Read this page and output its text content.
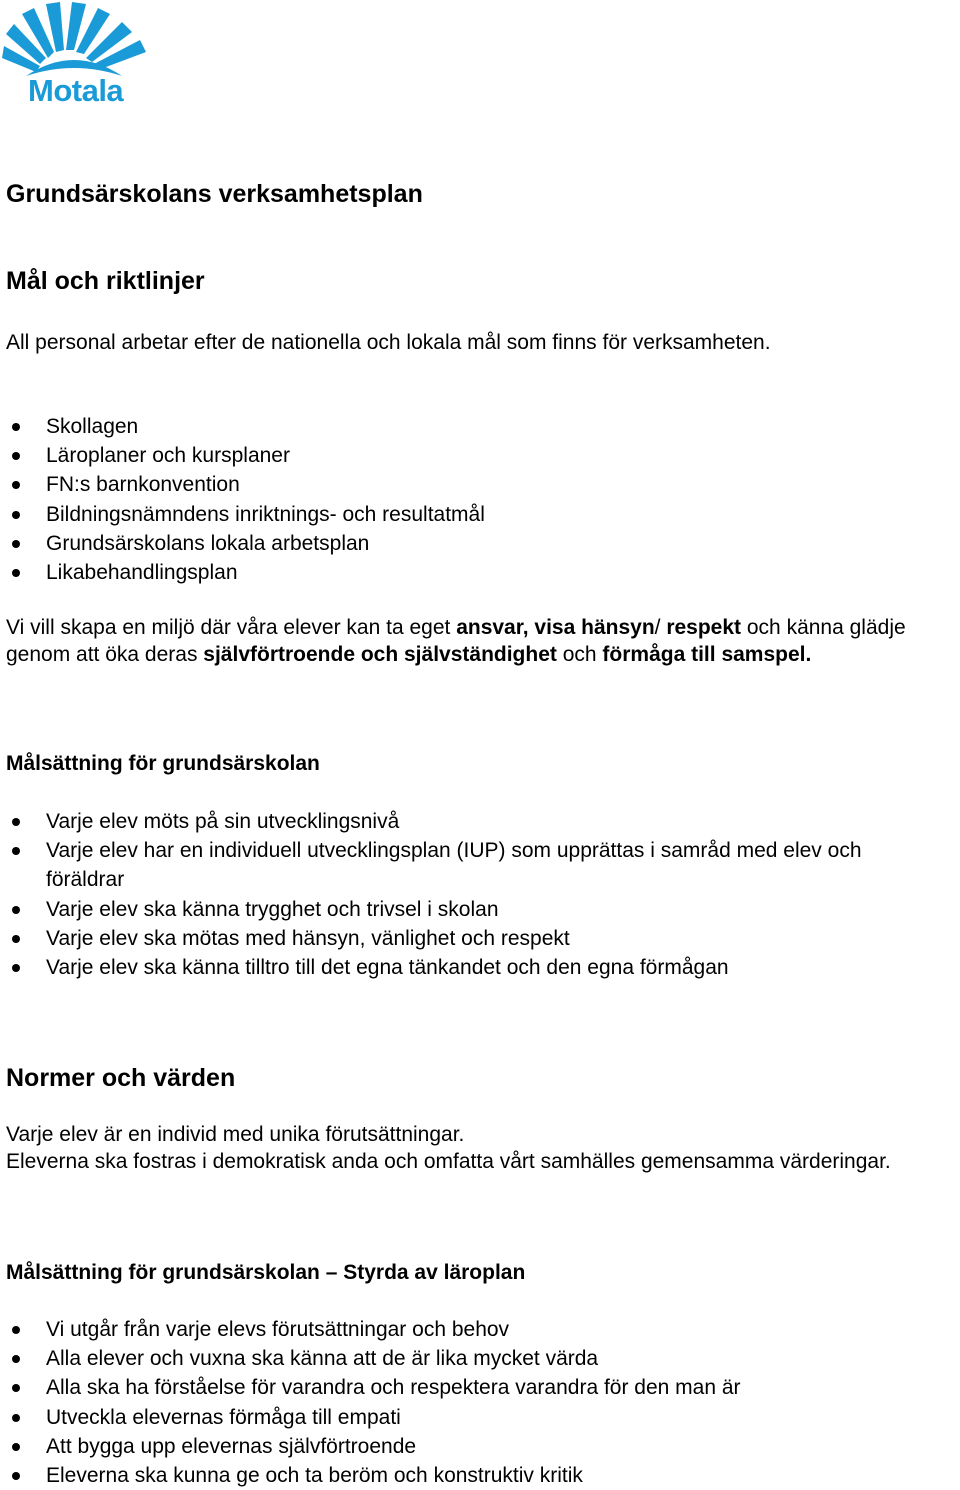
Motala
Grundsärskolans verksamhetsplan
Mål och riktlinjer

All personal arbetar efter de nationella och lokala mål som finns för verksamheten.

Skollagen
Läroplaner och kursplaner
FN:s barnkonvention
Bildningsnämndens inriktnings- och resultatmål
Grundsärskolans lokala arbetsplan
Likabehandlingsplan

Vi vill skapa en miljö där våra elever kan ta eget ansvar, visa hänsyn/ respekt och känna glädje genom att öka deras självförtroende och självständighet och förmåga till samspel.

Målsättning för grundsärskolan
Varje elev möts på sin utvecklingsnivå
Varje elev har en individuell utvecklingsplan (IUP) som upprättas i samråd med elev och föräldrar
Varje elev ska känna trygghet och trivsel i skolan
Varje elev ska mötas med hänsyn, vänlighet och respekt
Varje elev ska känna tilltro till det egna tänkandet och den egna förmågan
Normer och värden

Varje elev är en individ med unika förutsättningar.

Eleverna ska fostras i demokratisk anda och omfatta vårt samhälles gemensamma värderingar.

Målsättning för grundsärskolan – Styrda av läroplan
Vi utgår från varje elevs förutsättningar och behov
Alla elever och vuxna ska känna att de är lika mycket värda
Alla ska ha förståelse för varandra och respektera varandra för den man är
Utveckla elevernas förmåga till empati
Att bygga upp elevernas självförtroende
Eleverna ska kunna ge och ta beröm och konstruktiv kritik
